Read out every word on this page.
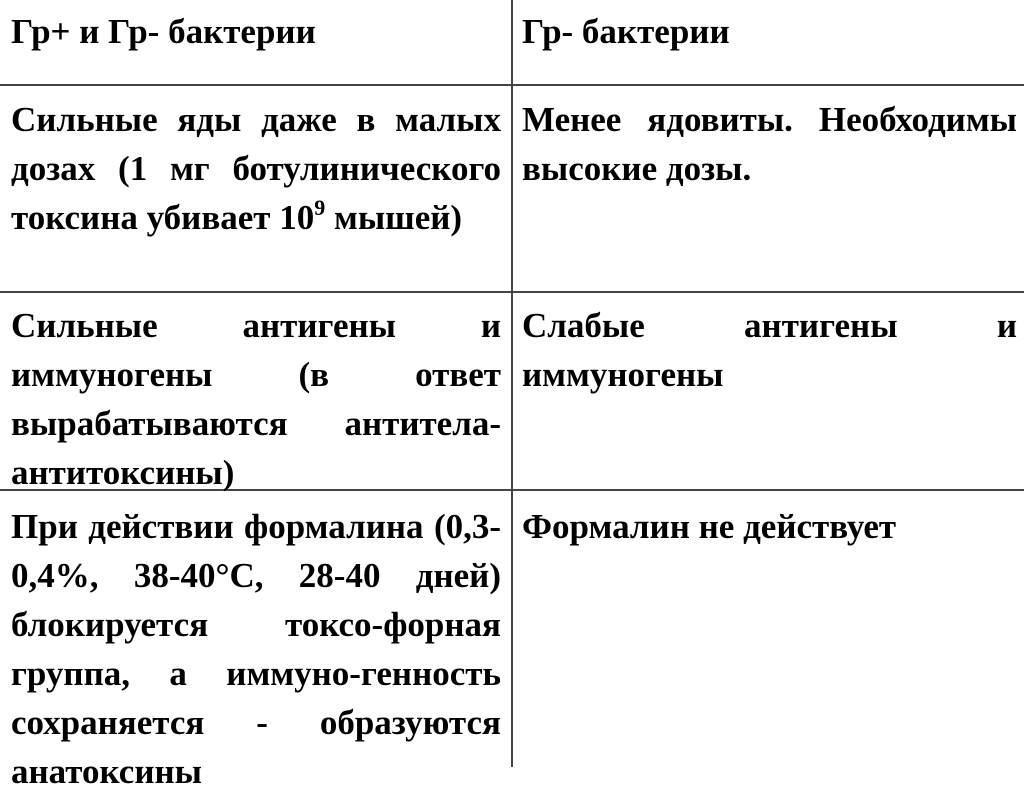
Гр+ и Гр- бактерии	Гр- бактерии
Сильные яды даже в малых дозах (1 мг ботулинического токсина убивает $10^9$ мышей)
Менее ядовиты. Необходимы высокие дозы.
Сильные антигены и иммуногены (в ответ вырабатываются антитела-антитоксины)
Слабые антигены и иммуногены
При действии формалина (0,3-0,4%, 38-40°С, 28-40 дней) блокируется токсо-форная группа, а иммуно-генность сохраняется - образуются анатоксины
Формалин не действует
